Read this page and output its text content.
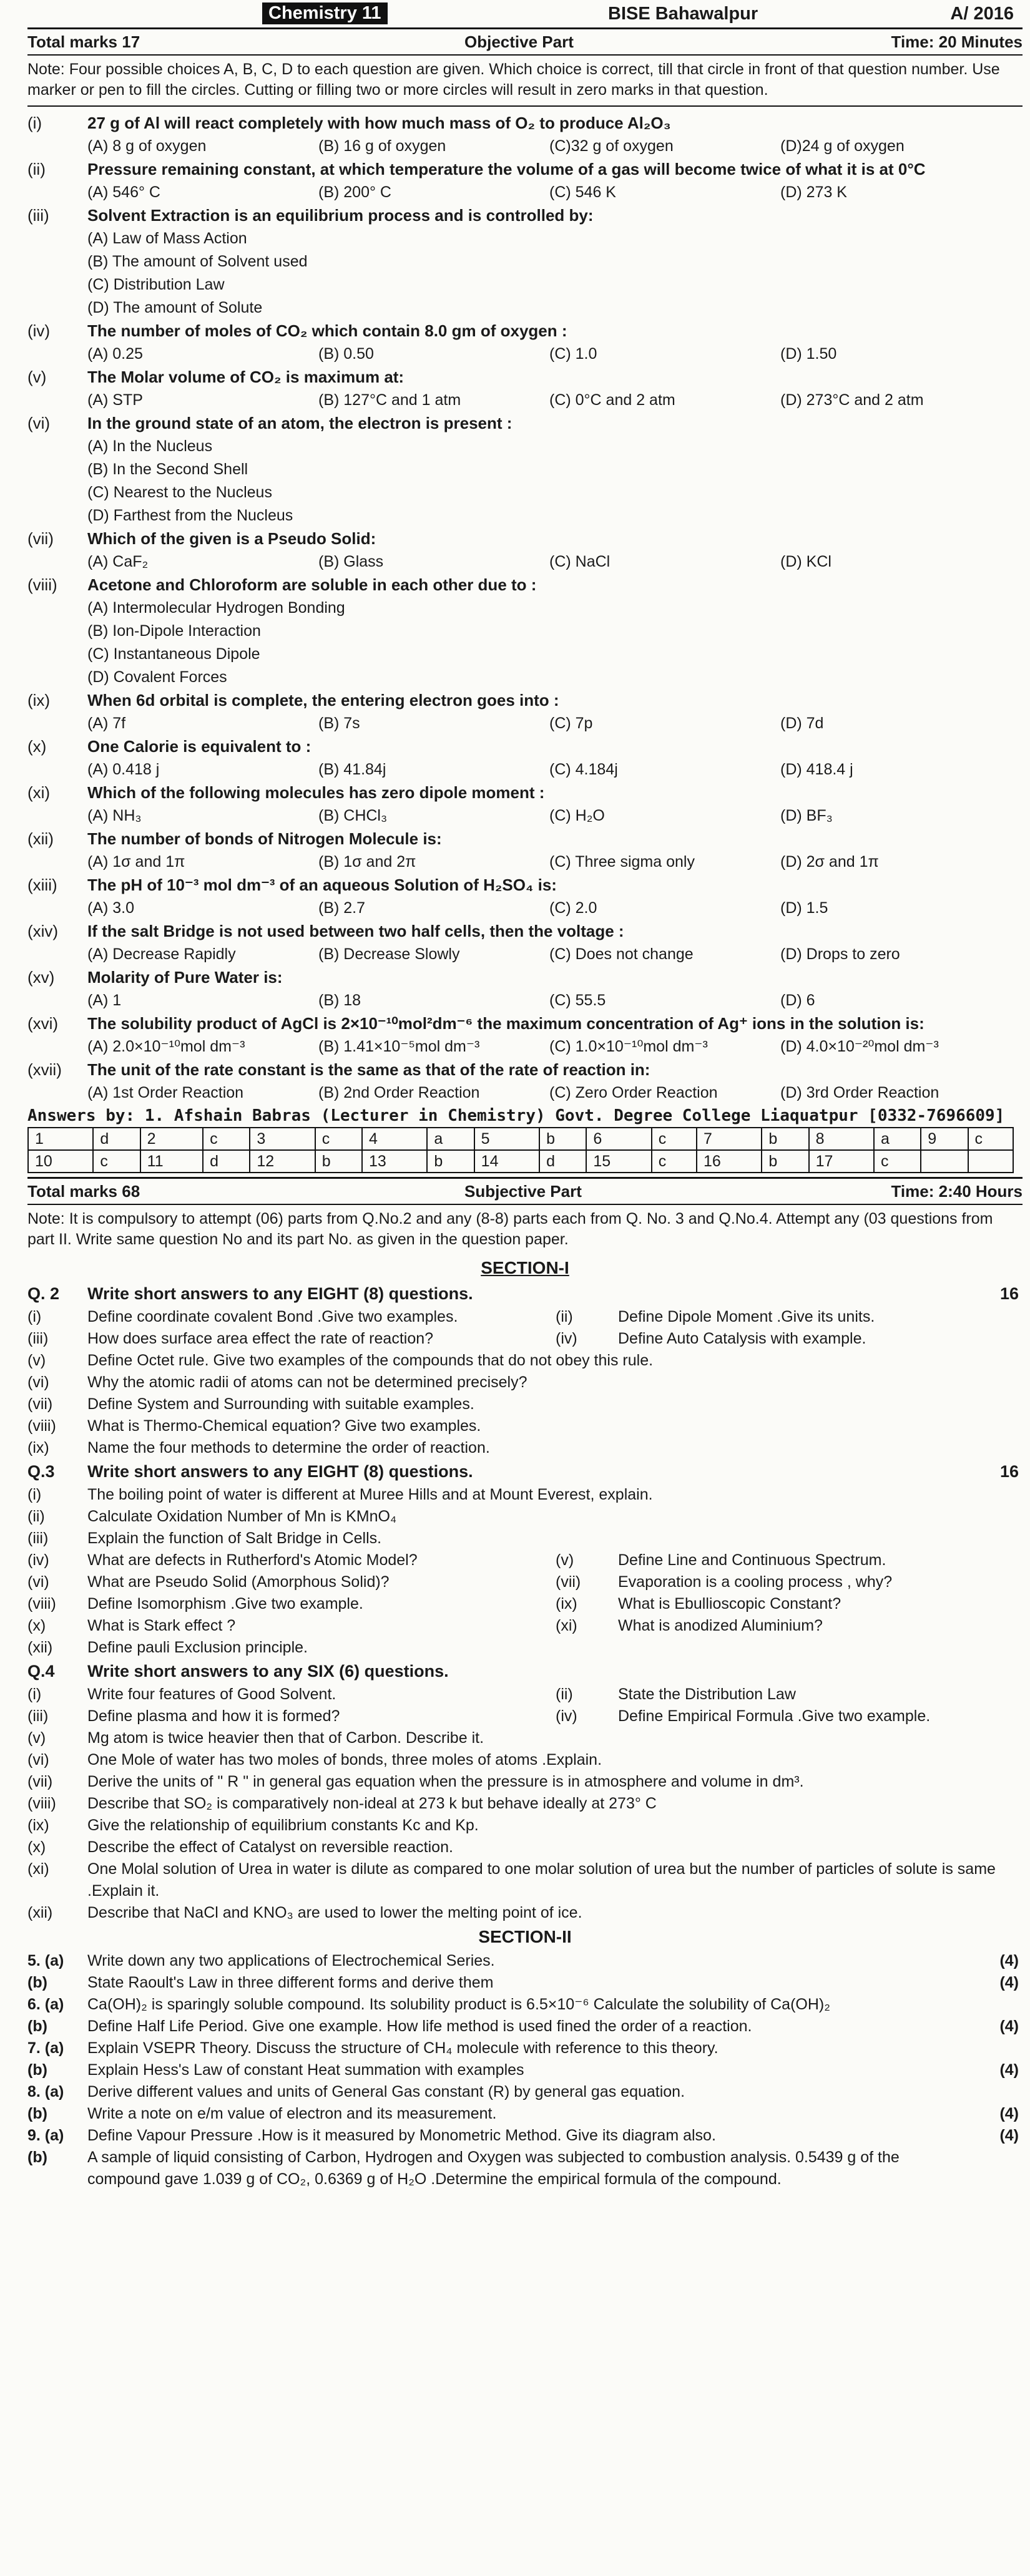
Chemistry 11	BISE Bahawalpur	A/ 2016
Total marks 17	Objective Part	Time: 20 Minutes
Note: Four possible choices A, B, C, D to each question are given. Which choice is correct, till that circle in front of that question number. Use marker or pen to fill the circles. Cutting or filling two or more circles will result in zero marks in that question.
(i)	27 g of Al will react completely with how much mass of O₂ to produce Al₂O₃
(A) 8 g of oxygen	(B) 16 g of oxygen	(C)32 g of oxygen	(D)24 g of oxygen
(ii)	Pressure remaining constant, at which temperature the volume of a gas will become twice of what it is at 0°C
(A) 546° C	(B) 200° C	(C) 546 K	(D) 273 K
(iii)	Solvent Extraction is an equilibrium process and is controlled by:
(A) Law of Mass Action
(B) The amount of Solvent used
(C) Distribution Law
(D) The amount of Solute
(iv)	The number of moles of CO₂ which contain 8.0 gm of oxygen :
(A) 0.25	(B) 0.50	(C) 1.0	(D) 1.50
(v)	The Molar volume of CO₂ is maximum at:
(A) STP	(B) 127°C and 1 atm	(C) 0°C and 2 atm	(D) 273°C and 2 atm
(vi)	In the ground state of an atom, the electron is present :
(A) In the Nucleus
(B) In the Second Shell
(C) Nearest to the Nucleus
(D) Farthest from the Nucleus
(vii)	Which of the given is a Pseudo Solid:
(A) CaF₂	(B) Glass	(C) NaCl	(D) KCl
(viii)	Acetone and Chloroform are soluble in each other due to :
(A) Intermolecular Hydrogen Bonding
(B) Ion-Dipole Interaction
(C) Instantaneous Dipole
(D) Covalent Forces
(ix)	When 6d orbital is complete, the entering electron goes into :
(A) 7f	(B) 7s	(C) 7p	(D) 7d
(x)	One Calorie is equivalent to :
(A) 0.418 j	(B) 41.84j	(C) 4.184j	(D) 418.4 j
(xi)	Which of the following molecules has zero dipole moment :
(A) NH₃	(B) CHCl₃	(C) H₂O	(D) BF₃
(xii)	The number of bonds of Nitrogen Molecule is:
(A) 1σ and 1π	(B) 1σ and 2π	(C) Three sigma only	(D) 2σ and 1π
(xiii)	The pH of 10⁻³ mol dm⁻³ of an aqueous Solution of H₂SO₄ is:
(A) 3.0	(B) 2.7	(C) 2.0	(D) 1.5
(xiv)	If the salt Bridge is not used between two half cells, then the voltage :
(A) Decrease Rapidly	(B) Decrease Slowly	(C) Does not change	(D) Drops to zero
(xv)	Molarity of Pure Water is:
(A) 1	(B) 18	(C) 55.5	(D) 6
(xvi)	The solubility product of AgCl is 2×10⁻¹⁰mol²dm⁻⁶ the maximum concentration of Ag⁺ ions in the solution is:
(A) 2.0×10⁻¹⁰mol dm⁻³	(B) 1.41×10⁻⁵mol dm⁻³	(C) 1.0×10⁻¹⁰mol dm⁻³	(D) 4.0×10⁻²⁰mol dm⁻³
(xvii)	The unit of the rate constant is the same as that of the rate of reaction in:
(A) 1st Order Reaction	(B) 2nd Order Reaction	(C) Zero Order Reaction	(D) 3rd Order Reaction
Answers by: 1. Afshain Babras (Lecturer in Chemistry) Govt. Degree College Liaquatpur [0332-7696609]
1	d	2	c	3	c	4	a	5	b	6	c	7	b	8	a	9	c
10	c	11	d	12	b	13	b	14	d	15	c	16	b	17	c		
Total marks 68	Subjective Part	Time: 2:40 Hours
Note: It is compulsory to attempt (06) parts from Q.No.2 and any (8-8) parts each from Q. No. 3 and Q.No.4. Attempt any (03 questions from part II. Write same question No and its part No. as given in the question paper.
SECTION-I
Q. 2	Write short answers to any EIGHT (8) questions.	16
(i)	Define coordinate covalent Bond .Give two examples.	(ii)	Define Dipole Moment .Give its units.
(iii)	How does surface area effect the rate of reaction?	(iv)	Define Auto Catalysis with example.
(v)	Define Octet rule. Give two examples of the compounds that do not obey this rule.
(vi)	Why the atomic radii of atoms can not be determined precisely?
(vii)	Define System and Surrounding with suitable examples.
(viii)	What is Thermo-Chemical equation? Give two examples.
(ix)	Name the four methods to determine the order of reaction.
Q.3	Write short answers to any EIGHT (8) questions.	16
(i)	The boiling point of water is different at Muree Hills and at Mount Everest, explain.
(ii)	Calculate Oxidation Number of Mn is KMnO₄
(iii)	Explain the function of Salt Bridge in Cells.
(iv)	What are defects in Rutherford's Atomic Model?	(v)	Define Line and Continuous Spectrum.
(vi)	What are Pseudo Solid (Amorphous Solid)?	(vii)	Evaporation is a cooling process , why?
(viii)	Define Isomorphism .Give two example.	(ix)	What is Ebullioscopic Constant?
(x)	What is Stark effect ?	(xi)	What is anodized Aluminium?
(xii)	Define pauli Exclusion principle.
Q.4	Write short answers to any SIX (6) questions.
(i)	Write four features of Good Solvent.	(ii)	State the Distribution Law
(iii)	Define plasma and how it is formed?	(iv)	Define Empirical Formula .Give two example.
(v)	Mg atom is twice heavier then that of Carbon. Describe it.
(vi)	One Mole of water has two moles of bonds, three moles of atoms .Explain.
(vii)	Derive the units of " R " in general gas equation when the pressure is in atmosphere and volume in dm³.
(viii)	Describe that SO₂ is comparatively non-ideal at 273 k but behave ideally at 273° C
(ix)	Give the relationship of equilibrium constants Kc and Kp.
(x)	Describe the effect of Catalyst on reversible reaction.
(xi)	One Molal solution of Urea in water is dilute as compared to one molar solution of urea but the number of particles of solute is same .Explain it.
(xii)	Describe that NaCl and KNO₃ are used to lower the melting point of ice.
SECTION-II
5. (a)	Write down any two applications of Electrochemical Series.	(4)
(b)	State Raoult's Law in three different forms and derive them	(4)
6. (a)	Ca(OH)₂ is sparingly soluble compound. Its solubility product is 6.5×10⁻⁶ Calculate the solubility of Ca(OH)₂
(b)	Define Half Life Period. Give one example. How life method is used fined the order of a reaction.	(4)
7. (a)	Explain VSEPR Theory. Discuss the structure of CH₄ molecule with reference to this theory.
(b)	Explain Hess's Law of constant Heat summation with examples	(4)
8. (a)	Derive different values and units of General Gas constant (R) by general gas equation.
(b)	Write a note on e/m value of electron and its measurement.	(4)
9. (a)	Define Vapour Pressure .How is it measured by Monometric Method. Give its diagram also.	(4)
(b)	A sample of liquid consisting of Carbon, Hydrogen and Oxygen was subjected to combustion analysis. 0.5439 g of the compound gave 1.039 g of CO₂, 0.6369 g of H₂O .Determine the empirical formula of the compound.
